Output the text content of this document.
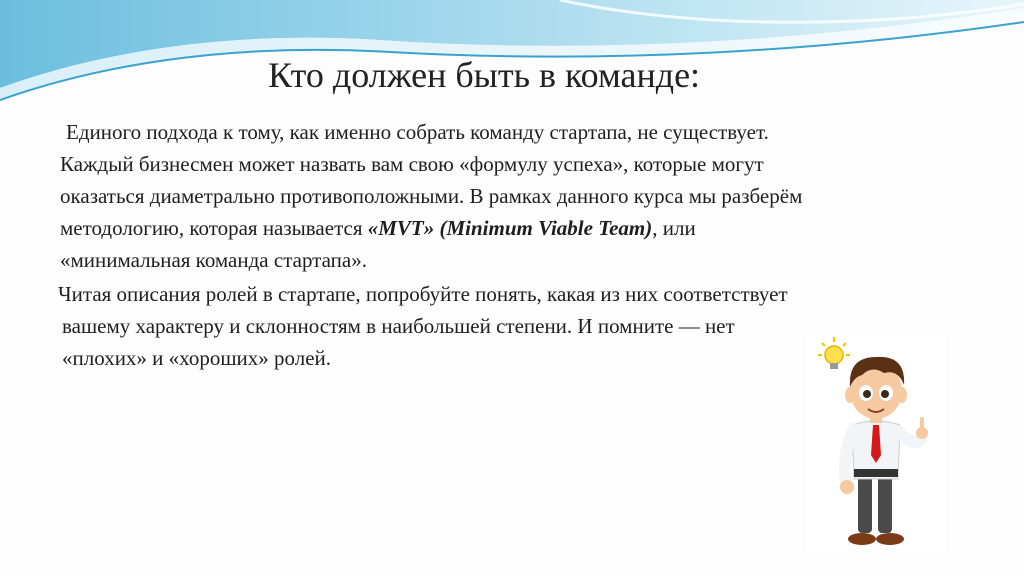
Кто должен быть в команде:
Единого подхода к тому, как именно собрать команду стартапа, не существует.
Каждый бизнесмен может назвать вам свою «формулу успеха», которые могут
оказаться диаметрально противоположными. В рамках данного курса мы разберём
методологию, которая называется «MVT» (Minimum Viable Team), или
«минимальная команда стартапа».
Читая описания ролей в стартапе, попробуйте понять, какая из них соответствует
вашему характеру и склонностям в наибольшей степени. И помните — нет
«плохих» и «хороших» ролей.
